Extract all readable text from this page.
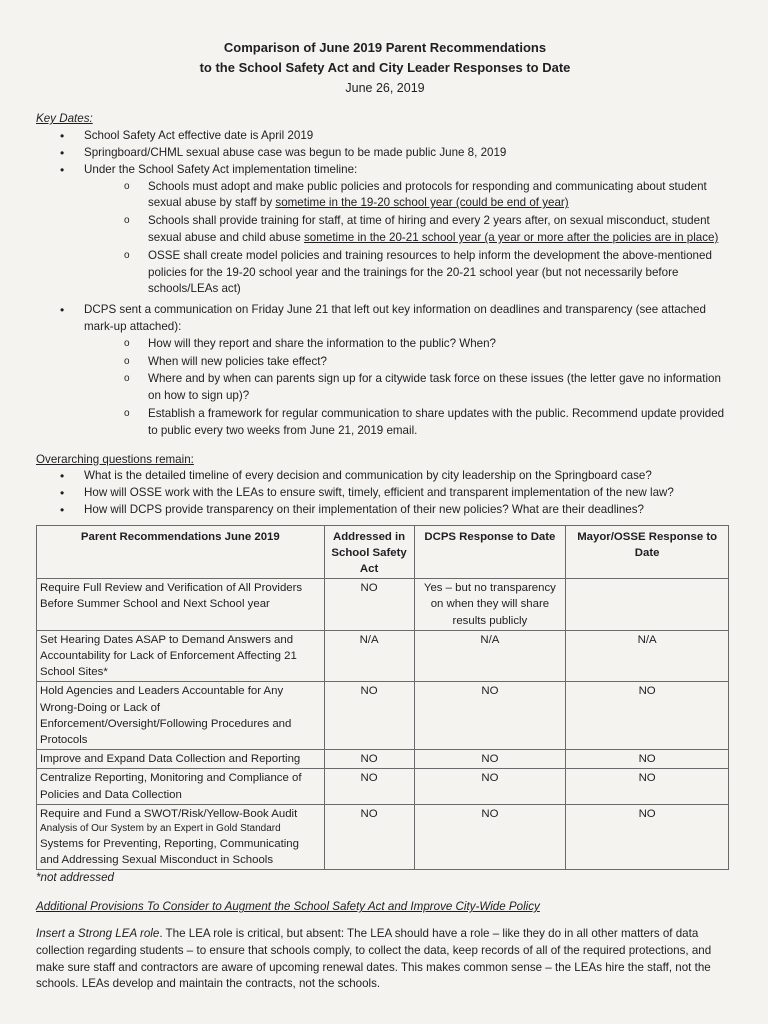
Comparison of June 2019 Parent Recommendations
to the School Safety Act and City Leader Responses to Date
June 26, 2019
Key Dates:
• School Safety Act effective date is April 2019
• Springboard/CHML sexual abuse case was begun to be made public June 8, 2019
• Under the School Safety Act implementation timeline:
o Schools must adopt and make public policies and protocols for responding and communicating about student sexual abuse by staff by sometime in the 19-20 school year (could be end of year)
o Schools shall provide training for staff, at time of hiring and every 2 years after, on sexual misconduct, student sexual abuse and child abuse sometime in the 20-21 school year (a year or more after the policies are in place)
o OSSE shall create model policies and training resources to help inform the development the above-mentioned policies for the 19-20 school year and the trainings for the 20-21 school year (but not necessarily before schools/LEAs act)
• DCPS sent a communication on Friday June 21 that left out key information on deadlines and transparency (see attached mark-up attached):
o How will they report and share the information to the public? When?
o When will new policies take effect?
o Where and by when can parents sign up for a citywide task force on these issues (the letter gave no information on how to sign up)?
o Establish a framework for regular communication to share updates with the public. Recommend update provided to public every two weeks from June 21, 2019 email.
Overarching questions remain:
• What is the detailed timeline of every decision and communication by city leadership on the Springboard case?
• How will OSSE work with the LEAs to ensure swift, timely, efficient and transparent implementation of the new law?
• How will DCPS provide transparency on their implementation of their new policies? What are their deadlines?
Parent Recommendations June 2019	Addressed in School Safety Act	DCPS Response to Date	Mayor/OSSE Response to Date
Require Full Review and Verification of All Providers Before Summer School and Next School year	NO	Yes – but no transparency on when they will share results publicly	
Set Hearing Dates ASAP to Demand Answers and Accountability for Lack of Enforcement Affecting 21 School Sites*	N/A	N/A	N/A
Hold Agencies and Leaders Accountable for Any Wrong-Doing or Lack of Enforcement/Oversight/Following Procedures and Protocols	NO	NO	NO
Improve and Expand Data Collection and Reporting	NO	NO	NO
Centralize Reporting, Monitoring and Compliance of Policies and Data Collection	NO	NO	NO

Require and Fund a SWOT/Risk/Yellow-Book Audit
Analysis of Our System by an Expert in Gold Standard
Systems for Preventing, Reporting, Communicating and Addressing Sexual Misconduct in Schools	NO	NO	NO
*not addressed
Additional Provisions To Consider to Augment the School Safety Act and Improve City-Wide Policy
Insert a Strong LEA role. The LEA role is critical, but absent: The LEA should have a role – like they do in all other matters of data collection regarding students – to ensure that schools comply, to collect the data, keep records of all of the required protections, and make sure staff and contractors are aware of upcoming renewal dates. This makes common sense – the LEAs hire the staff, not the schools. LEAs develop and maintain the contracts, not the schools.
